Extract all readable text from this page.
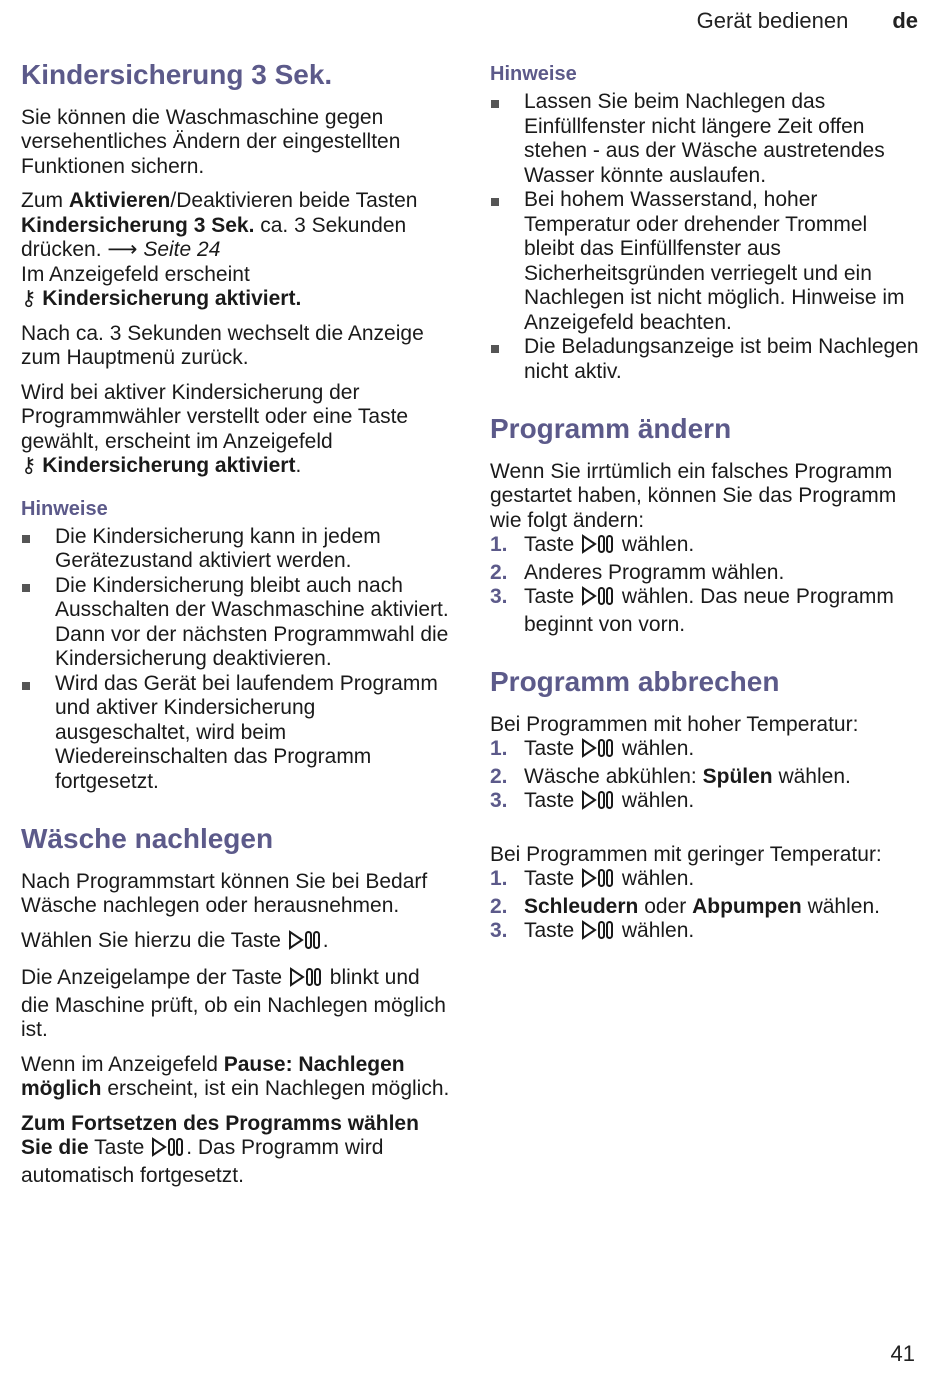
Gerät bedienen de
Kindersicherung 3 Sek.

Sie können die Waschmaschine gegen versehentliches Ändern der eingestellten Funktionen sichern.

Zum Aktivieren/Deaktivieren beide Tasten Kindersicherung 3 Sek. ca. 3 Sekunden drücken. ⟶ Seite 24
Im Anzeigefeld erscheint
⚷ Kindersicherung aktiviert.

Nach ca. 3 Sekunden wechselt die Anzeige zum Hauptmenü zurück.

Wird bei aktiver Kindersicherung der Programmwähler verstellt oder eine Taste gewählt, erscheint im Anzeigefeld
⚷ Kindersicherung aktiviert.

Hinweise
Die Kindersicherung kann in jedem Gerätezustand aktiviert werden.
Die Kindersicherung bleibt auch nach Ausschalten der Waschmaschine aktiviert. Dann vor der nächsten Programmwahl die Kindersicherung deaktivieren.
Wird das Gerät bei laufendem Programm und aktiver Kindersicherung ausgeschaltet, wird beim Wiedereinschalten das Programm fortgesetzt.
Wäsche nachlegen

Nach Programmstart können Sie bei Bedarf Wäsche nachlegen oder herausnehmen.

Wählen Sie hierzu die Taste .

Die Anzeigelampe der Taste  blinkt und die Maschine prüft, ob ein Nachlegen möglich ist.

Wenn im Anzeigefeld Pause: Nachlegen möglich erscheint, ist ein Nachlegen möglich.

Zum Fortsetzen des Programms wählen Sie die Taste . Das Programm wird automatisch fortgesetzt.

Hinweise
Lassen Sie beim Nachlegen das Einfüllfenster nicht längere Zeit offen stehen - aus der Wäsche austretendes Wasser könnte auslaufen.
Bei hohem Wasserstand, hoher Temperatur oder drehender Trommel bleibt das Einfüllfenster aus Sicherheitsgründen verriegelt und ein Nachlegen ist nicht möglich. Hinweise im Anzeigefeld beachten.
Die Beladungsanzeige ist beim Nachlegen nicht aktiv.
Programm ändern

Wenn Sie irrtümlich ein falsches Programm gestartet haben, können Sie das Programm wie folgt ändern:

1. Taste  wählen.
2. Anderes Programm wählen.
3. Taste  wählen. Das neue Programm beginnt von vorn.
Programm abbrechen

Bei Programmen mit hoher Temperatur:

1. Taste  wählen.
2. Wäsche abkühlen: Spülen wählen.
3. Taste  wählen.

Bei Programmen mit geringer Temperatur:

1. Taste  wählen.
2. Schleudern oder Abpumpen wählen.
3. Taste  wählen.
41
